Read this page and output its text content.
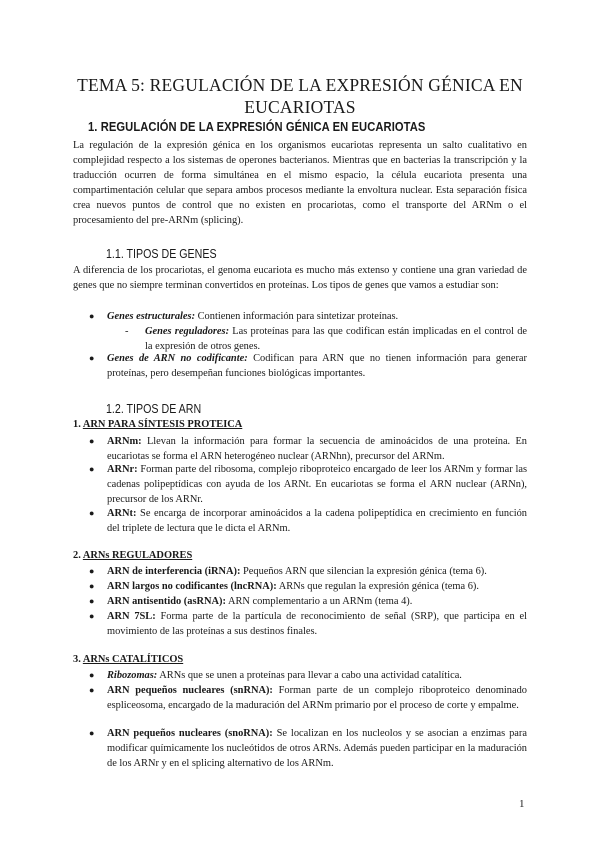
TEMA 5: REGULACIÓN DE LA EXPRESIÓN GÉNICA EN
EUCARIOTAS
1. REGULACIÓN DE LA EXPRESIÓN GÉNICA EN EUCARIOTAS

La regulación de la expresión génica en los organismos eucariotas representa un salto cualitativo en complejidad respecto a los sistemas de operones bacterianos. Mientras que en bacterias la transcripción y la traducción ocurren de forma simultánea en el mismo espacio, la célula eucariota presenta una compartimentación celular que separa ambos procesos mediante la envoltura nuclear. Esta separación física crea nuevos puntos de control que no existen en procariotas, como el transporte del ARNm o el procesamiento del pre-ARNm (splicing).

1.1. TIPOS DE GENES

A diferencia de los procariotas, el genoma eucariota es mucho más extenso y contiene una gran variedad de genes que no siempre terminan convertidos en proteínas. Los tipos de genes que vamos a estudiar son:

● Genes estructurales: Contienen información para sintetizar proteínas.

- Genes reguladores: Las proteínas para las que codifican están implicadas en el control de la expresión de otros genes.

● Genes de ARN no codificante: Codifican para ARN que no tienen información para generar proteínas, pero desempeñan funciones biológicas importantes.

1.2. TIPOS DE ARN
1. ARN PARA SÍNTESIS PROTEICA
● ARNm: Llevan la información para formar la secuencia de aminoácidos de una proteína. En eucariotas se forma el ARN heterogéneo nuclear (ARNhn), precursor del ARNm.

● ARNr: Forman parte del ribosoma, complejo riboproteico encargado de leer los ARNm y formar las cadenas polipeptídicas con ayuda de los ARNt. En eucariotas se forma el ARN nuclear (ARNn), precursor de los ARNr.

● ARNt: Se encarga de incorporar aminoácidos a la cadena polipeptídica en crecimiento en función del triplete de lectura que le dicta el ARNm.

2. ARNs REGULADORES
● ARN de interferencia (iRNA): Pequeños ARN que silencian la expresión génica (tema 6).

● ARN largos no codificantes (lncRNA): ARNs que regulan la expresión génica (tema 6).

● ARN antisentido (asRNA): ARN complementario a un ARNm (tema 4).

● ARN 7SL: Forma parte de la partícula de reconocimiento de señal (SRP), que participa en el movimiento de las proteínas a sus destinos finales.

3. ARNs CATALÍTICOS
● Ribozomas: ARNs que se unen a proteínas para llevar a cabo una actividad catalítica.

● ARN pequeños nucleares (snRNA): Forman parte de un complejo riboproteico denominado espliceosoma, encargado de la maduración del ARNm primario por el proceso de corte y empalme.

● ARN pequeños nucleares (snoRNA): Se localizan en los nucleolos y se asocian a enzimas para modificar químicamente los nucleótidos de otros ARNs. Además pueden participar en la maduración de los ARNr y en el splicing alternativo de los ARNm.

1
